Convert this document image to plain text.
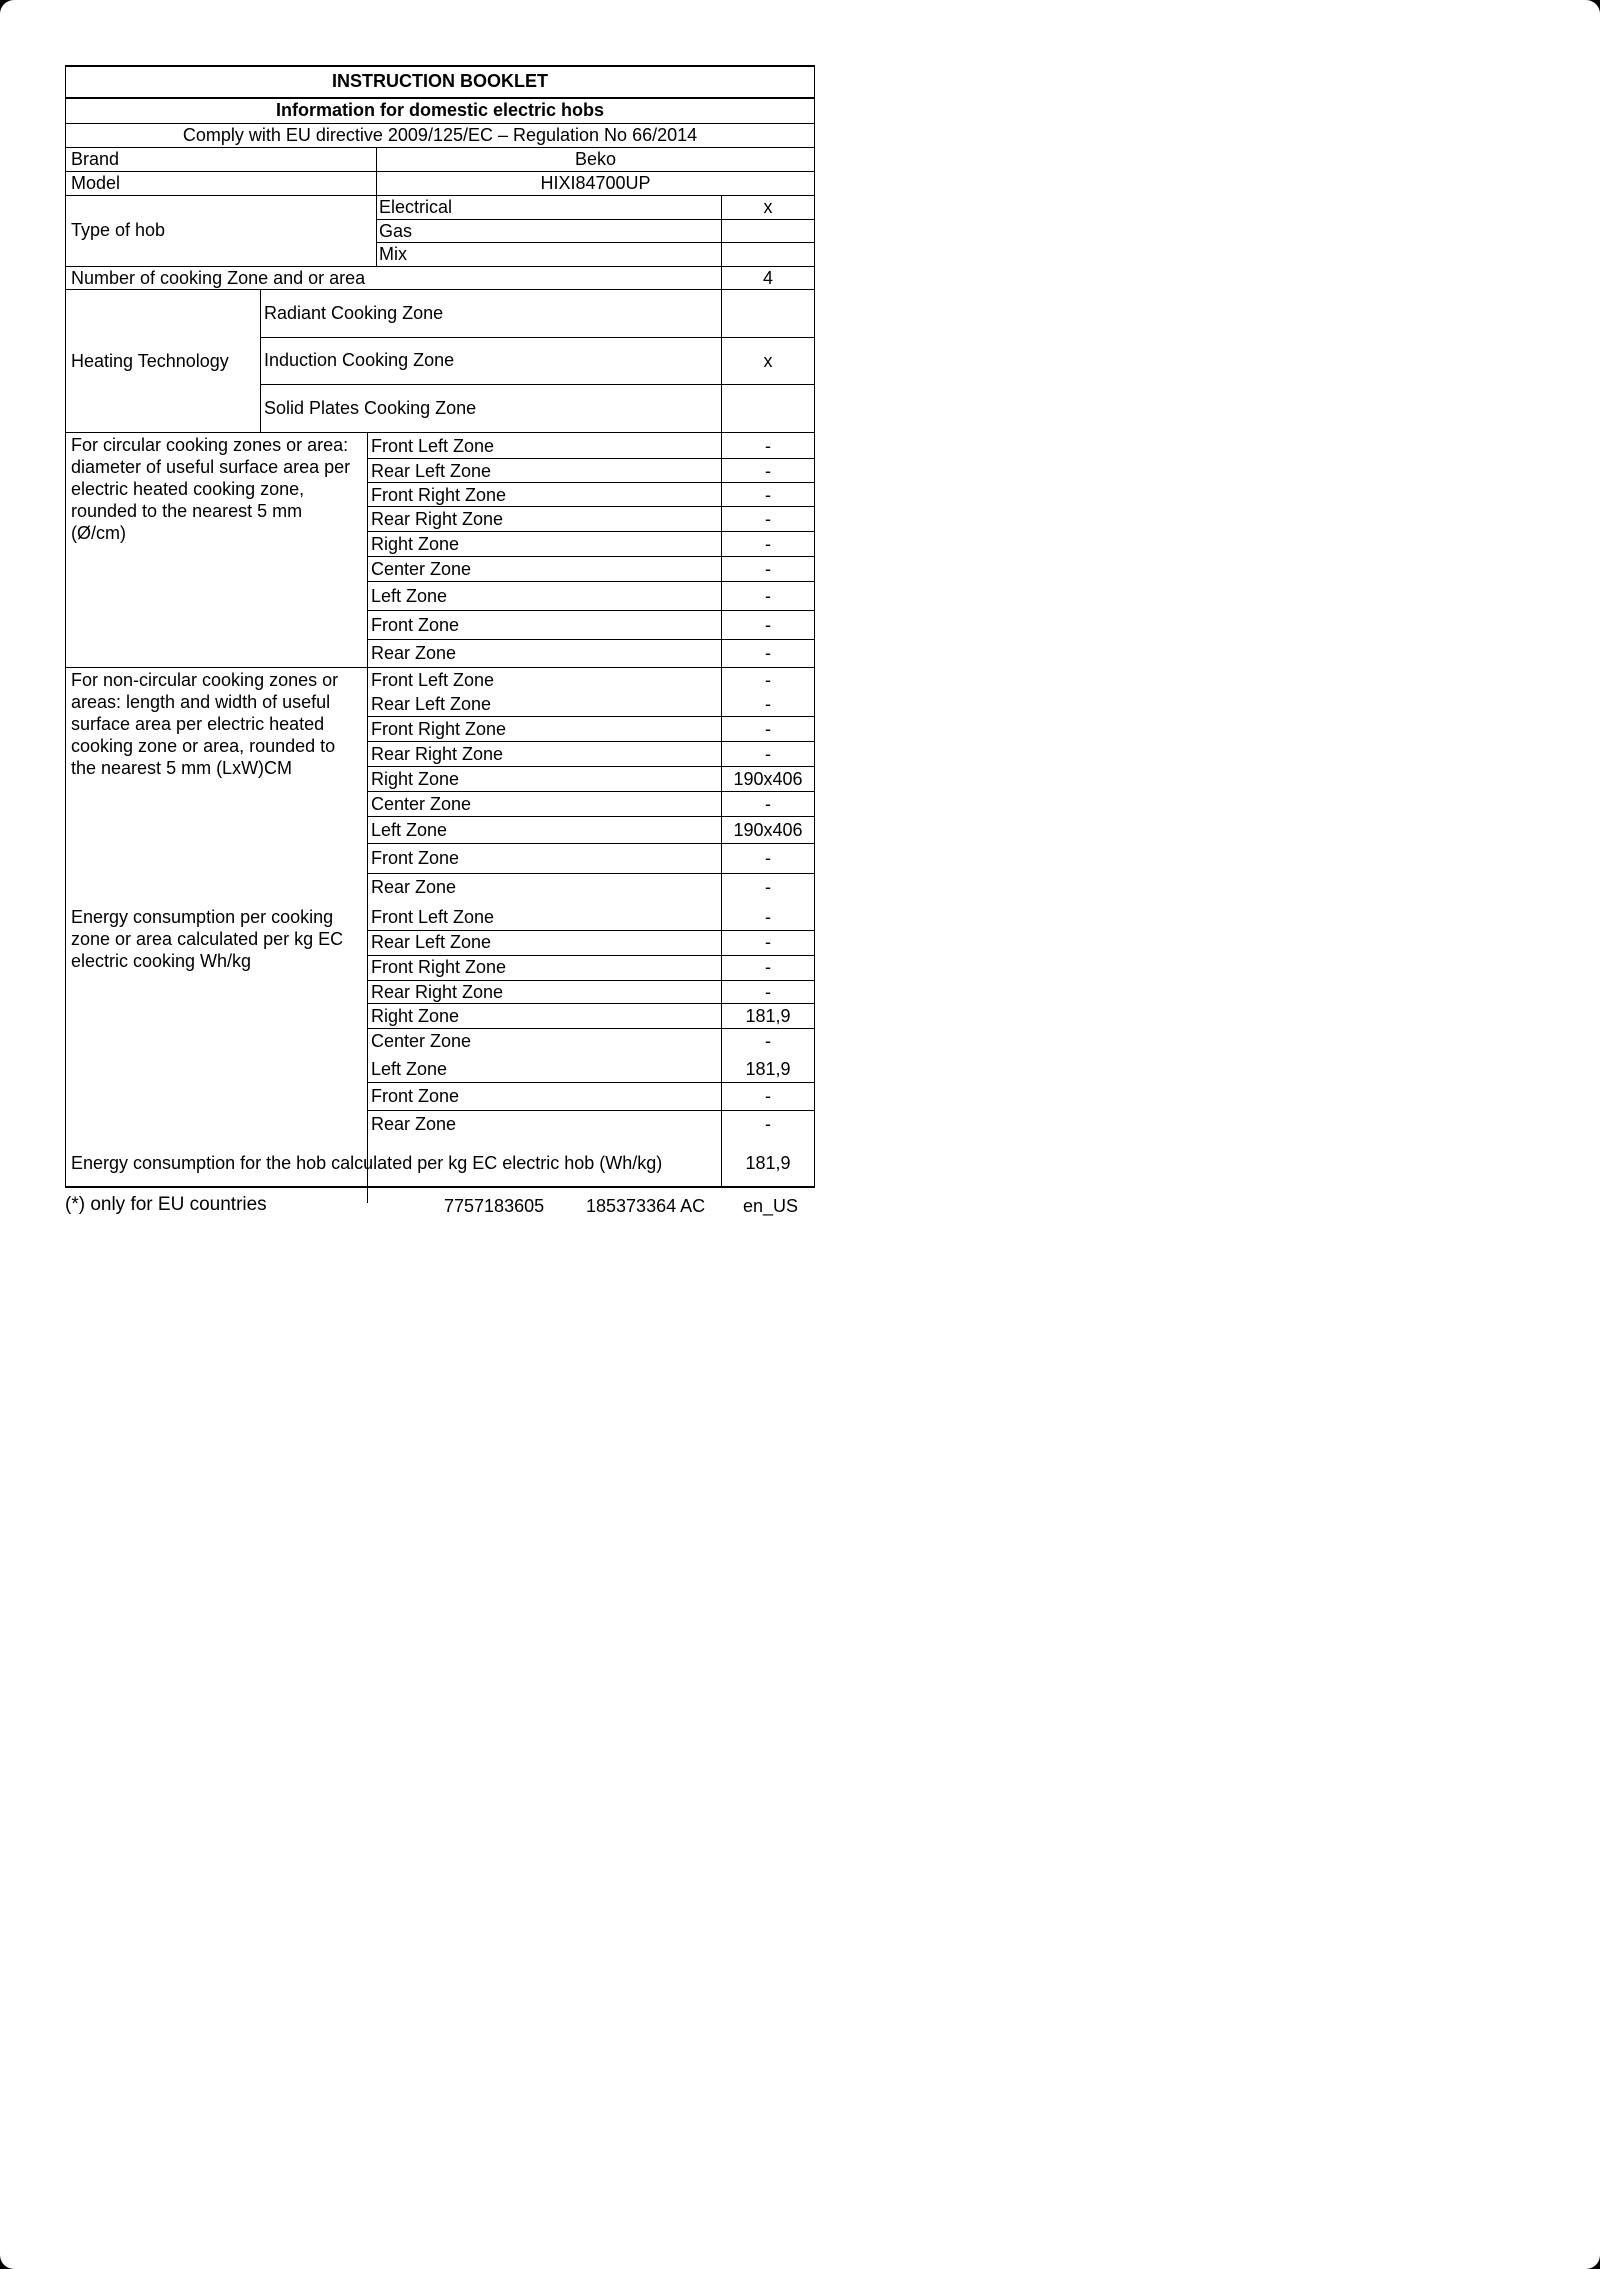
INSTRUCTION BOOKLET
Information for domestic electric hobs
Comply with EU directive 2009/125/EC – Regulation No 66/2014
Brand	Beko
Model	HIXI84700UP
Type of hob
Electrical	x
Gas
Mix
Number of cooking Zone and or area	4
Heating Technology
Radiant Cooking Zone
Induction Cooking Zone	x
Solid Plates Cooking Zone
For circular cooking zones or area: diameter of useful surface area per electric heated cooking zone, rounded to the nearest 5 mm (Ø/cm)
Front Left Zone	-
Rear Left Zone	-
Front Right Zone	-
Rear Right Zone	-
Right Zone	-
Center Zone	-
Left Zone	-
Front Zone	-
Rear Zone	-
For non-circular cooking zones or areas: length and width of useful surface area per electric heated cooking zone or area, rounded to the nearest 5 mm (LxW)CM
Front Left Zone	-
Rear Left Zone	-
Front Right Zone	-
Rear Right Zone	-
Right Zone	190x406
Center Zone	-
Left Zone	190x406
Front Zone	-
Rear Zone	-
Energy consumption per cooking zone or area calculated per kg EC electric cooking Wh/kg
Front Left Zone	-
Rear Left Zone	-
Front Right Zone	-
Rear Right Zone	-
Right Zone	181,9
Center Zone	-
Left Zone	181,9
Front Zone	-
Rear Zone	-
Energy consumption for the hob calculated per kg EC electric hob (Wh/kg)	181,9
(*) only for EU countries	7757183605 185373364 AC en_US
